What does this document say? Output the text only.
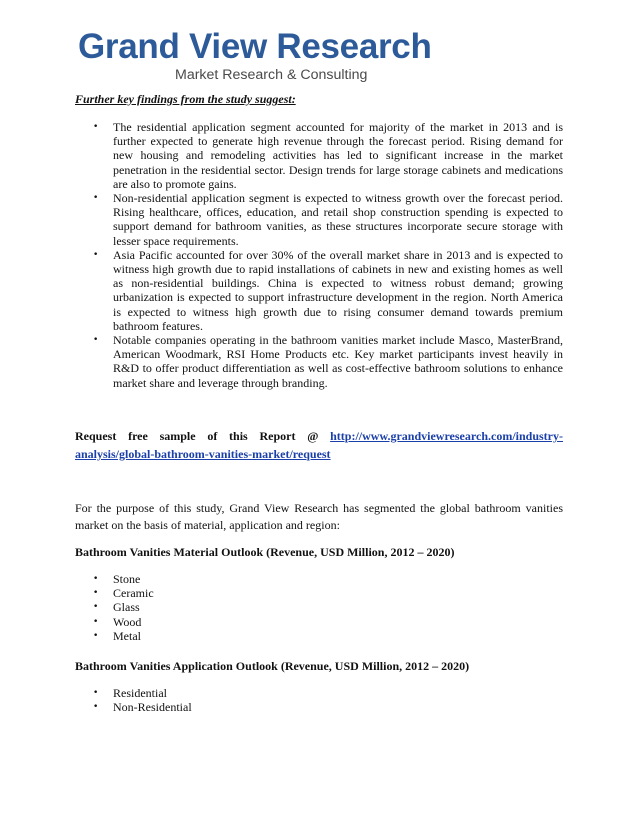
Grand View Research
Market Research & Consulting
Further key findings from the study suggest:
• The residential application segment accounted for majority of the market in 2013 and is further expected to generate high revenue through the forecast period. Rising demand for new housing and remodeling activities has led to significant increase in the market penetration in the residential sector. Design trends for large storage cabinets and medications are also to promote gains.
• Non-residential application segment is expected to witness growth over the forecast period. Rising healthcare, offices, education, and retail shop construction spending is expected to support demand for bathroom vanities, as these structures incorporate secure storage with lesser space requirements.
• Asia Pacific accounted for over 30% of the overall market share in 2013 and is expected to witness high growth due to rapid installations of cabinets in new and existing homes as well as non-residential buildings. China is expected to witness robust demand; growing urbanization is expected to support infrastructure development in the region. North America is expected to witness high growth due to rising consumer demand towards premium bathroom features.
• Notable companies operating in the bathroom vanities market include Masco, MasterBrand, American Woodmark, RSI Home Products etc. Key market participants invest heavily in R&D to offer product differentiation as well as cost-effective bathroom solutions to enhance market share and leverage through branding.
Request free sample of this Report @ http://www.grandviewresearch.com/industry-analysis/global-bathroom-vanities-market/request
For the purpose of this study, Grand View Research has segmented the global bathroom vanities market on the basis of material, application and region:
Bathroom Vanities Material Outlook (Revenue, USD Million, 2012 – 2020)
• Stone
• Ceramic
• Glass
• Wood
• Metal
Bathroom Vanities Application Outlook (Revenue, USD Million, 2012 – 2020)
• Residential
• Non-Residential
